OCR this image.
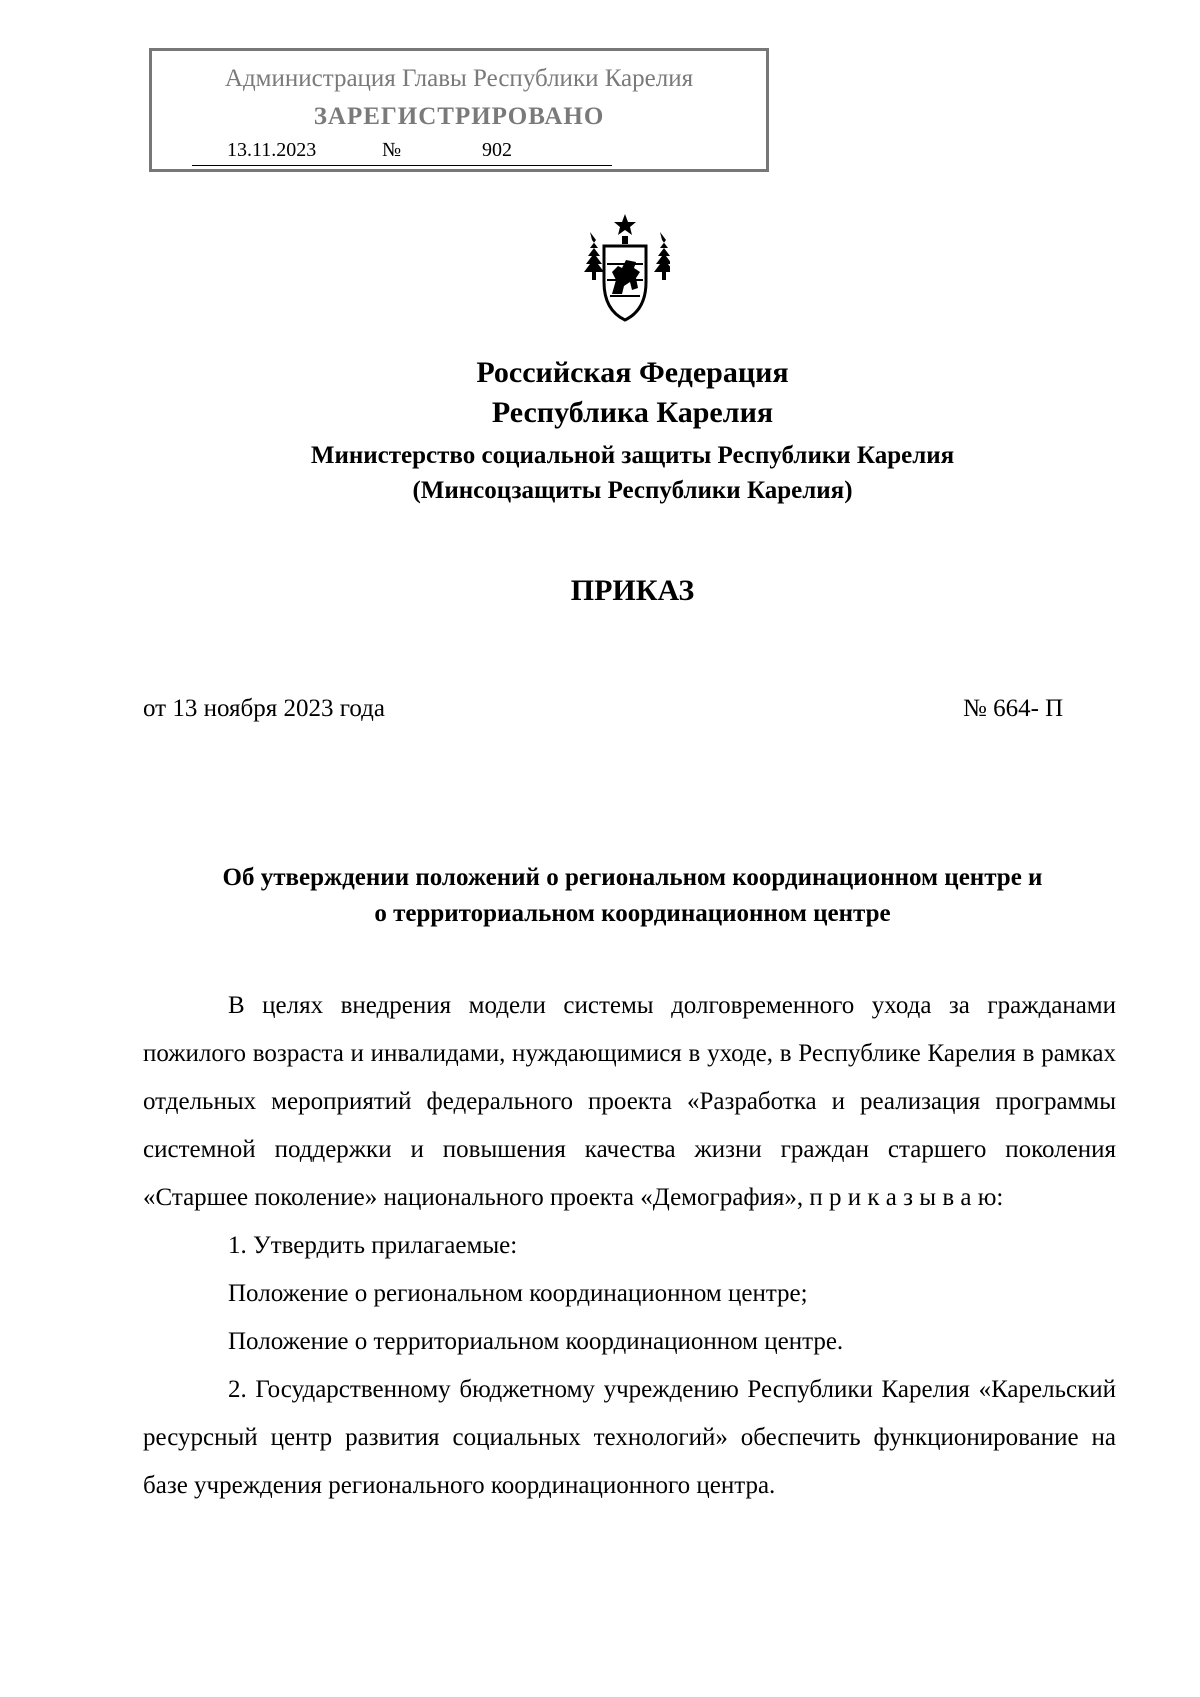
Администрация Главы Республики Карелия
ЗАРЕГИСТРИРОВАНО
13.11.2023	№	902
Российская Федерация
Республика Карелия
Министерство социальной защиты Республики Карелия
(Минсоцзащиты Республики Карелия)
ПРИКАЗ
от 13 ноября 2023 года	№ 664- П
Об утверждении положений о региональном координационном центре и
о территориальном координационном центре

В целях внедрения модели системы долговременного ухода за гражданами пожилого возраста и инвалидами, нуждающимися в уходе, в Республике Карелия в рамках отдельных мероприятий федерального проекта «Разработка и реализация программы системной поддержки и повышения качества жизни граждан старшего поколения «Старшее поколение» национального проекта «Демография», п р и к а з ы в а ю:

1. Утвердить прилагаемые:

Положение о региональном координационном центре;

Положение о территориальном координационном центре.

2. Государственному бюджетному учреждению Республики Карелия «Карельский ресурсный центр развития социальных технологий» обеспечить функционирование на базе учреждения регионального координационного центра.
